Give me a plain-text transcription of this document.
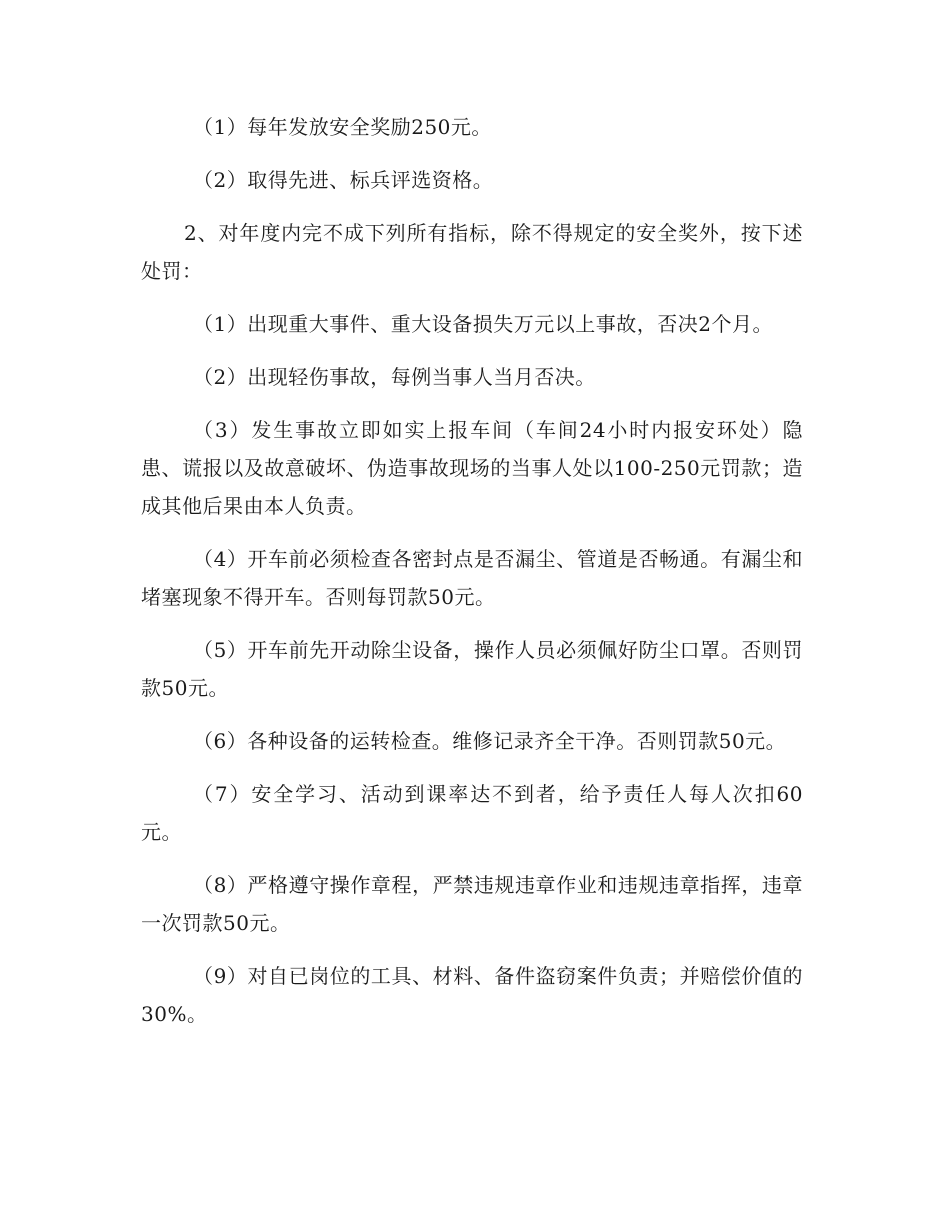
（1）每年发放安全奖励250元。

（2）取得先进、标兵评选资格。

2、对年度内完不成下列所有指标，除不得规定的安全奖外，按下述处罚：

（1）出现重大事件、重大设备损失万元以上事故，否决2个月。

（2）出现轻伤事故，每例当事人当月否决。

（3）发生事故立即如实上报车间（车间24小时内报安环处）隐患、谎报以及故意破坏、伪造事故现场的当事人处以100-250元罚款；造成其他后果由本人负责。

（4）开车前必须检查各密封点是否漏尘、管道是否畅通。有漏尘和堵塞现象不得开车。否则每罚款50元。

（5）开车前先开动除尘设备，操作人员必须佩好防尘口罩。否则罚款50元。

（6）各种设备的运转检查。维修记录齐全干净。否则罚款50元。

（7）安全学习、活动到课率达不到者，给予责任人每人次扣60元。

（8）严格遵守操作章程，严禁违规违章作业和违规违章指挥，违章一次罚款50元。

（9）对自已岗位的工具、材料、备件盗窃案件负责；并赔偿价值的30%。
